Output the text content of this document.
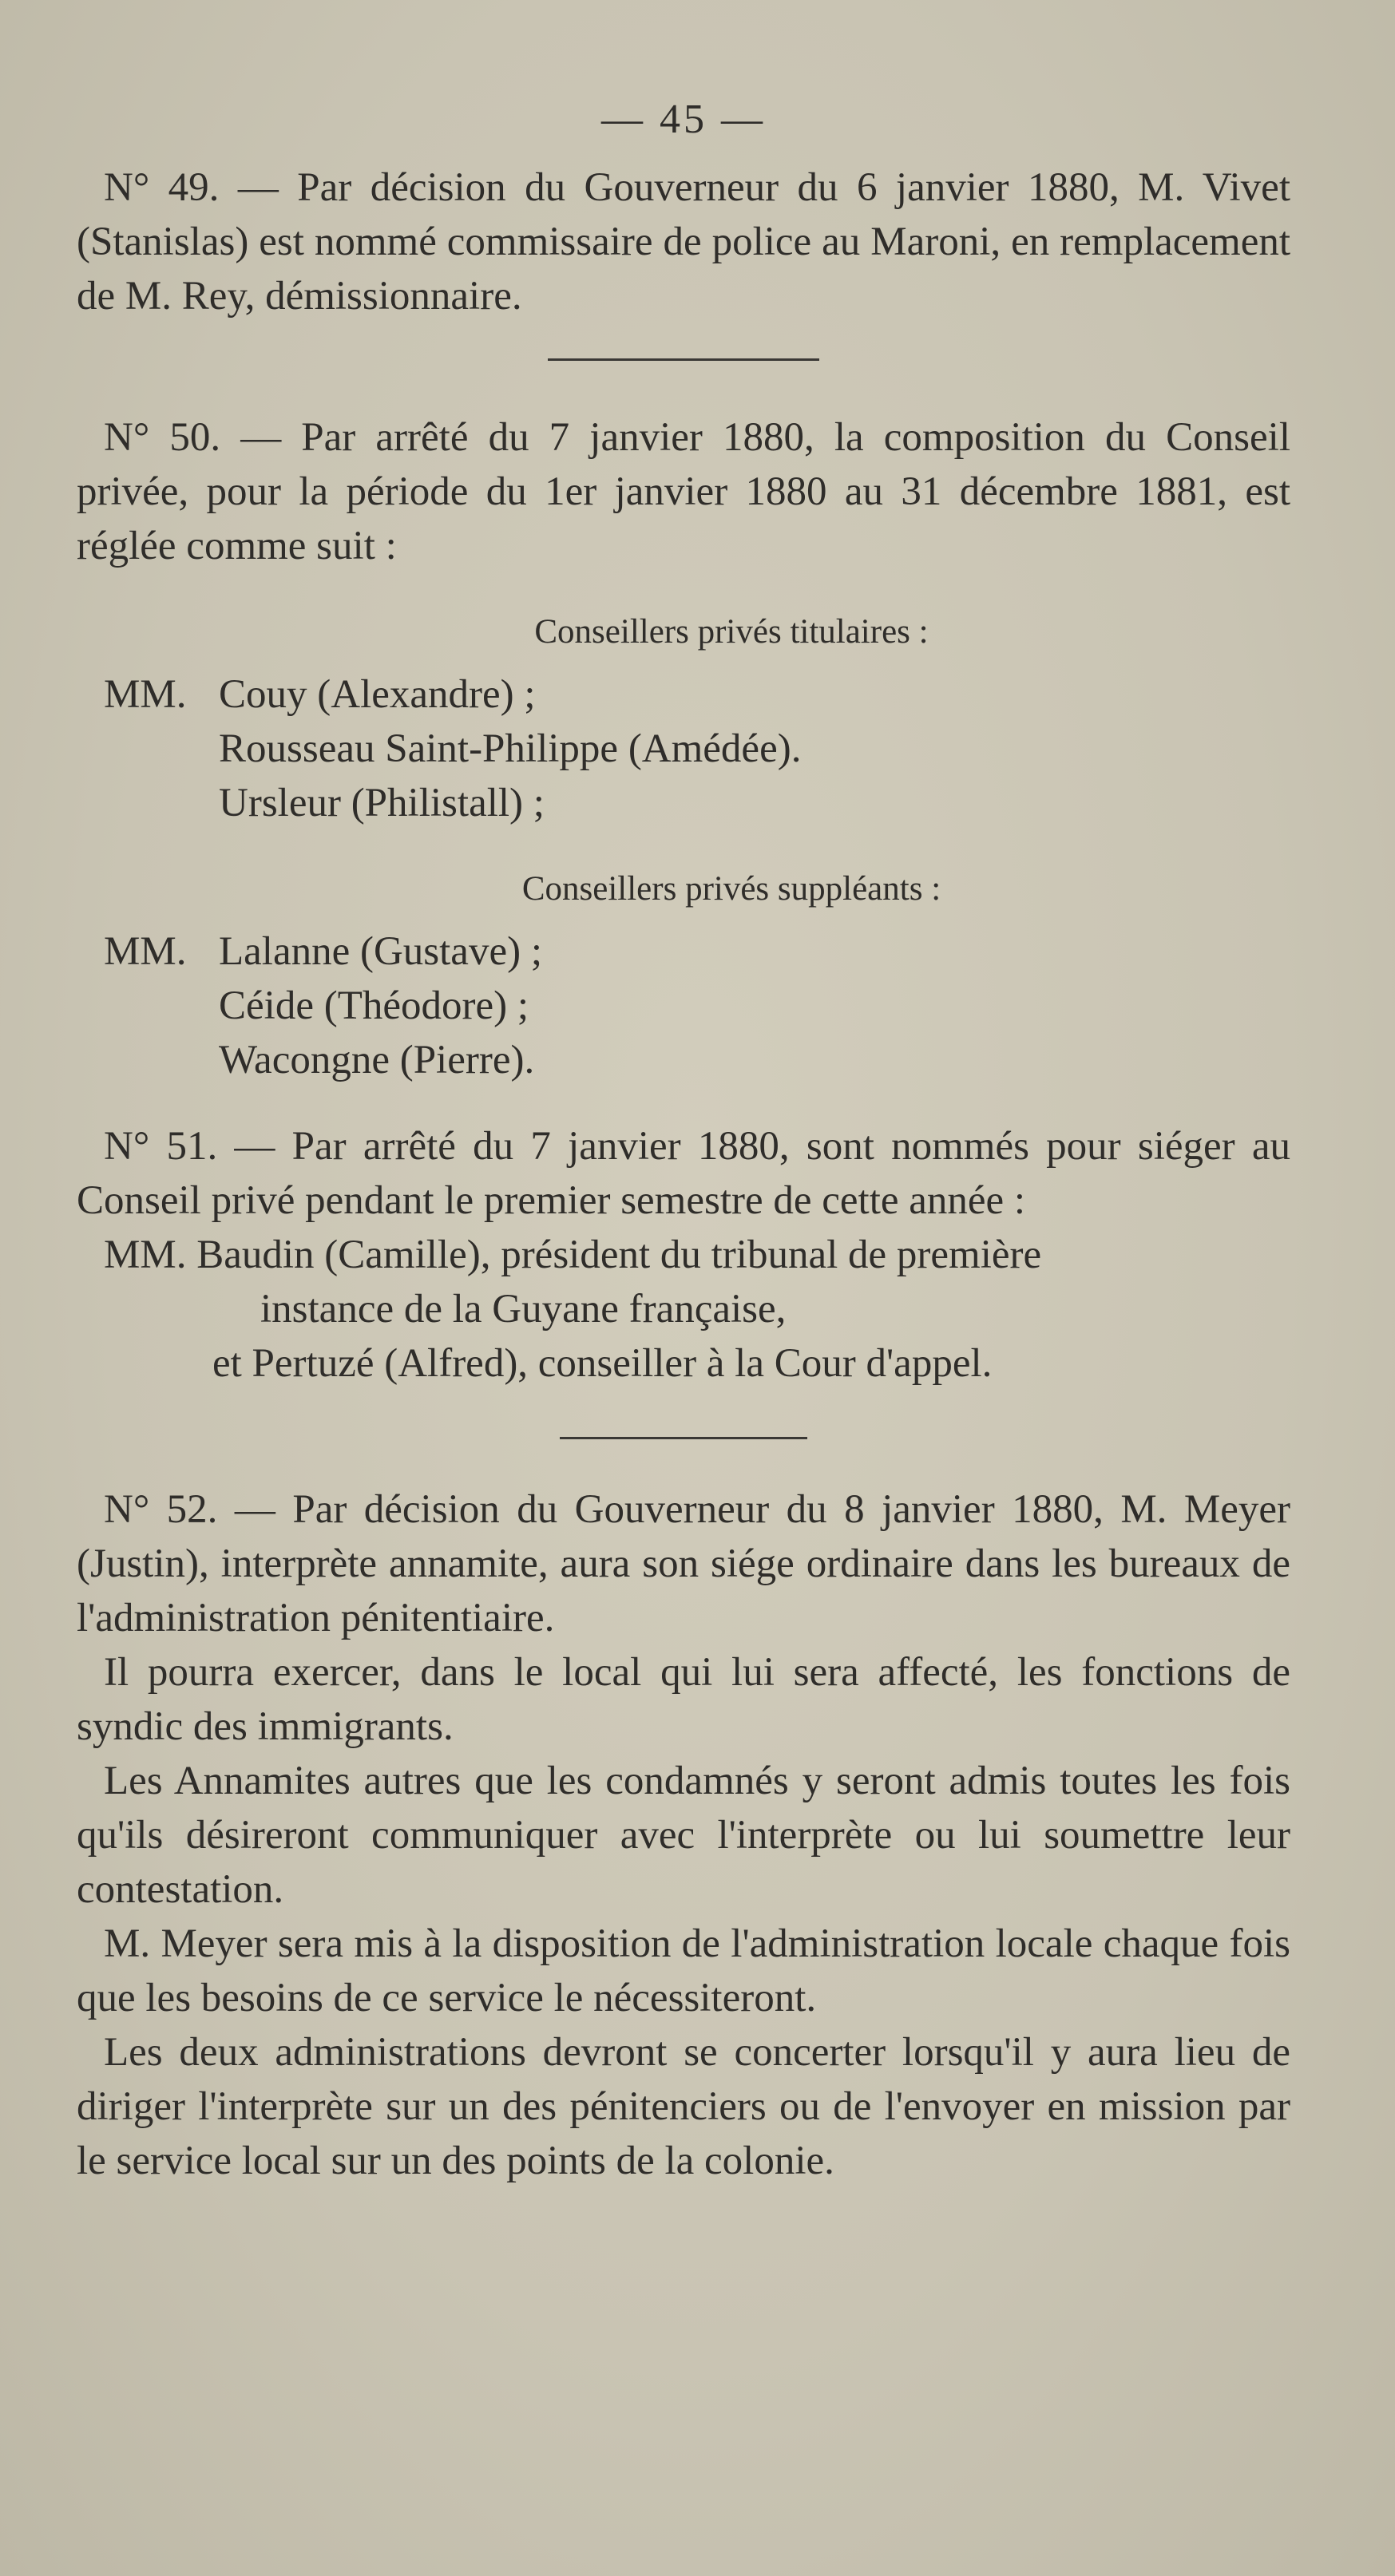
— 45 —

N° 49. — Par décision du Gouverneur du 6 janvier 1880, M. Vivet (Stanislas) est nommé commissaire de police au Maroni, en remplacement de M. Rey, démissionnaire.

N° 50. — Par arrêté du 7 janvier 1880, la composition du Conseil privée, pour la période du 1er janvier 1880 au 31 décembre 1881, est réglée comme suit :

Conseillers privés titulaires :
MM. Couy (Alexandre) ;
Rousseau Saint-Philippe (Amédée).
Ursleur (Philistall) ;
Conseillers privés suppléants :
MM. Lalanne (Gustave) ;
Céide (Théodore) ;
Wacongne (Pierre).

N° 51. — Par arrêté du 7 janvier 1880, sont nommés pour siéger au Conseil privé pendant le premier semestre de cette année :

MM. Baudin (Camille), président du tribunal de première

instance de la Guyane française,

et Pertuzé (Alfred), conseiller à la Cour d'appel.

N° 52. — Par décision du Gouverneur du 8 janvier 1880, M. Meyer (Justin), interprète annamite, aura son siége ordinaire dans les bureaux de l'administration pénitentiaire.

Il pourra exercer, dans le local qui lui sera affecté, les fonctions de syndic des immigrants.

Les Annamites autres que les condamnés y seront admis toutes les fois qu'ils désireront communiquer avec l'interprète ou lui soumettre leur contestation.

M. Meyer sera mis à la disposition de l'administration locale chaque fois que les besoins de ce service le nécessiteront.

Les deux administrations devront se concerter lorsqu'il y aura lieu de diriger l'interprète sur un des pénitenciers ou de l'envoyer en mission par le service local sur un des points de la colonie.
